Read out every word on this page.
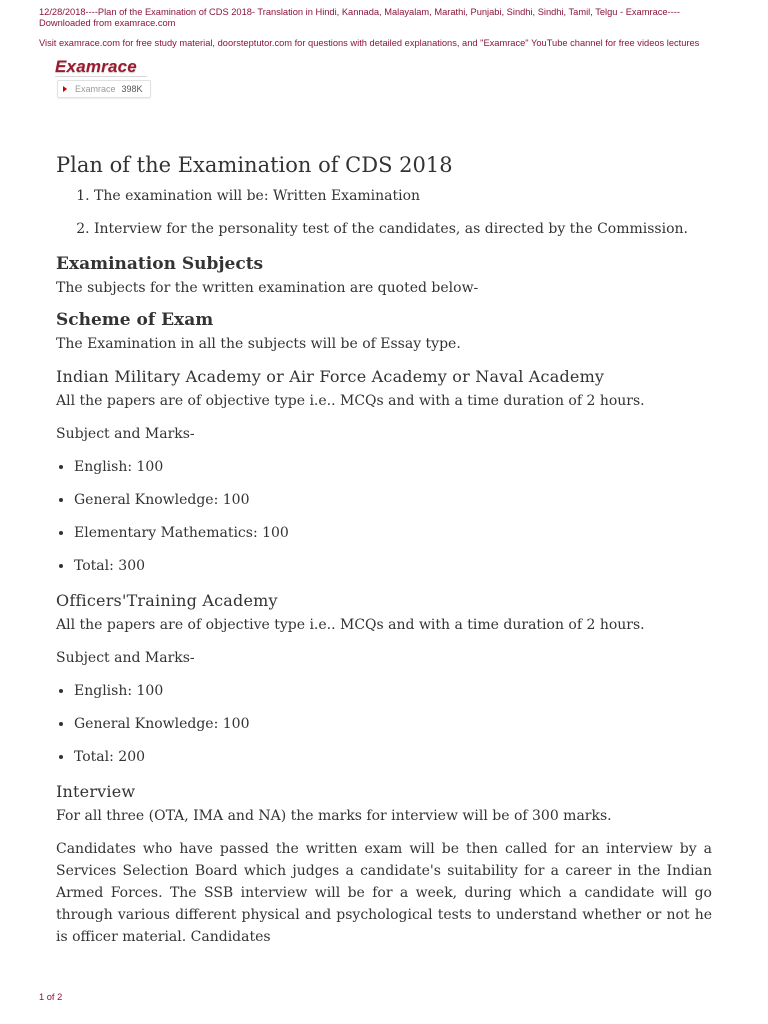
12/28/2018----Plan of the Examination of CDS 2018- Translation in Hindi, Kannada, Malayalam, Marathi, Punjabi, Sindhi, Sindhi, Tamil, Telgu - Examrace----Downloaded from examrace.com
Visit examrace.com for free study material, doorsteptutor.com for questions with detailed explanations, and "Examrace" YouTube channel for free videos lectures
Examrace
Examrace 398K
Plan of the Examination of CDS 2018
1. The examination will be: Written Examination
2. Interview for the personality test of the candidates, as directed by the Commission.
Examination Subjects

The subjects for the written examination are quoted below-

Scheme of Exam

The Examination in all the subjects will be of Essay type.

Indian Military Academy or Air Force Academy or Naval Academy

All the papers are of objective type i.e.. MCQs and with a time duration of 2 hours.

Subject and Marks-

• English: 100
• General Knowledge: 100
• Elementary Mathematics: 100
• Total: 300
Officers'Training Academy

All the papers are of objective type i.e.. MCQs and with a time duration of 2 hours.

Subject and Marks-

• English: 100
• General Knowledge: 100
• Total: 200
Interview

For all three (OTA, IMA and NA) the marks for interview will be of 300 marks.

Candidates who have passed the written exam will be then called for an interview by a Services Selection Board which judges a candidate's suitability for a career in the Indian Armed Forces. The SSB interview will be for a week, during which a candidate will go through various different physical and psychological tests to understand whether or not he is officer material. Candidates

1 of 2
